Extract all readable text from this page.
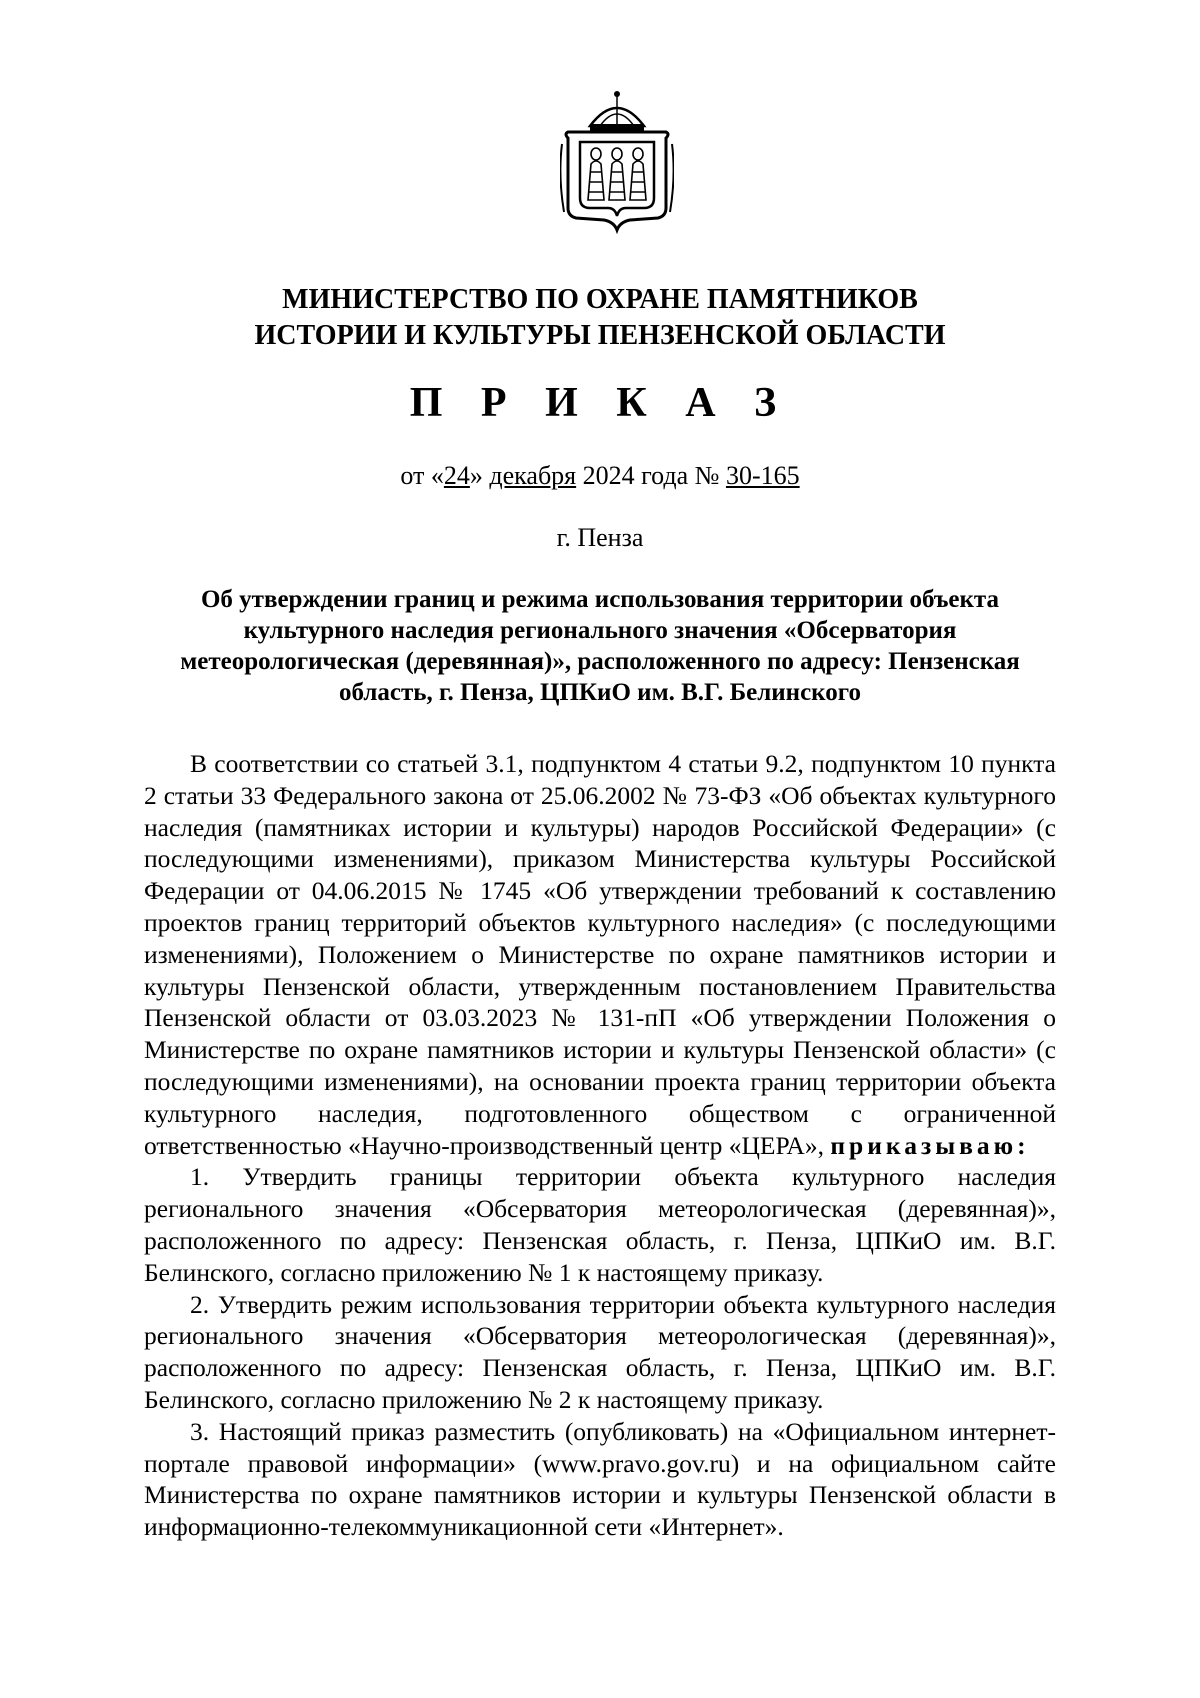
МИНИСТЕРСТВО ПО ОХРАНЕ ПАМЯТНИКОВ
ИСТОРИИ И КУЛЬТУРЫ ПЕНЗЕНСКОЙ ОБЛАСТИ
П Р И К А З
от «24» декабря 2024 года № 30-165
г. Пенза
Об утверждении границ и режима использования территории объекта
культурного наследия регионального значения «Обсерватория
метеорологическая (деревянная)», расположенного по адресу: Пензенская
область, г. Пенза, ЦПКиО им. В.Г. Белинского

В соответствии со статьей 3.1, подпунктом 4 статьи 9.2, подпунктом 10 пункта 2 статьи 33 Федерального закона от 25.06.2002 № 73-ФЗ «Об объектах культурного наследия (памятниках истории и культуры) народов Российской Федерации» (с последующими изменениями), приказом Министерства культуры Российской Федерации от 04.06.2015 № 1745 «Об утверждении требований к составлению проектов границ территорий объектов культурного наследия» (с последующими изменениями), Положением о Министерстве по охране памятников истории и культуры Пензенской области, утвержденным постановлением Правительства Пензенской области от 03.03.2023 № 131-пП «Об утверждении Положения о Министерстве по охране памятников истории и культуры Пензенской области» (с последующими изменениями), на основании проекта границ территории объекта культурного наследия, подготовленного обществом с ограниченной ответственностью «Научно-производственный центр «ЦЕРА», приказываю:

1. Утвердить границы территории объекта культурного наследия регионального значения «Обсерватория метеорологическая (деревянная)», расположенного по адресу: Пензенская область, г. Пенза, ЦПКиО им. В.Г. Белинского, согласно приложению № 1 к настоящему приказу.

2. Утвердить режим использования территории объекта культурного наследия регионального значения «Обсерватория метеорологическая (деревянная)», расположенного по адресу: Пензенская область, г. Пенза, ЦПКиО им. В.Г. Белинского, согласно приложению № 2 к настоящему приказу.

3. Настоящий приказ разместить (опубликовать) на «Официальном интернет-портале правовой информации» (www.pravo.gov.ru) и на официальном сайте Министерства по охране памятников истории и культуры Пензенской области в информационно-телекоммуникационной сети «Интернет».
